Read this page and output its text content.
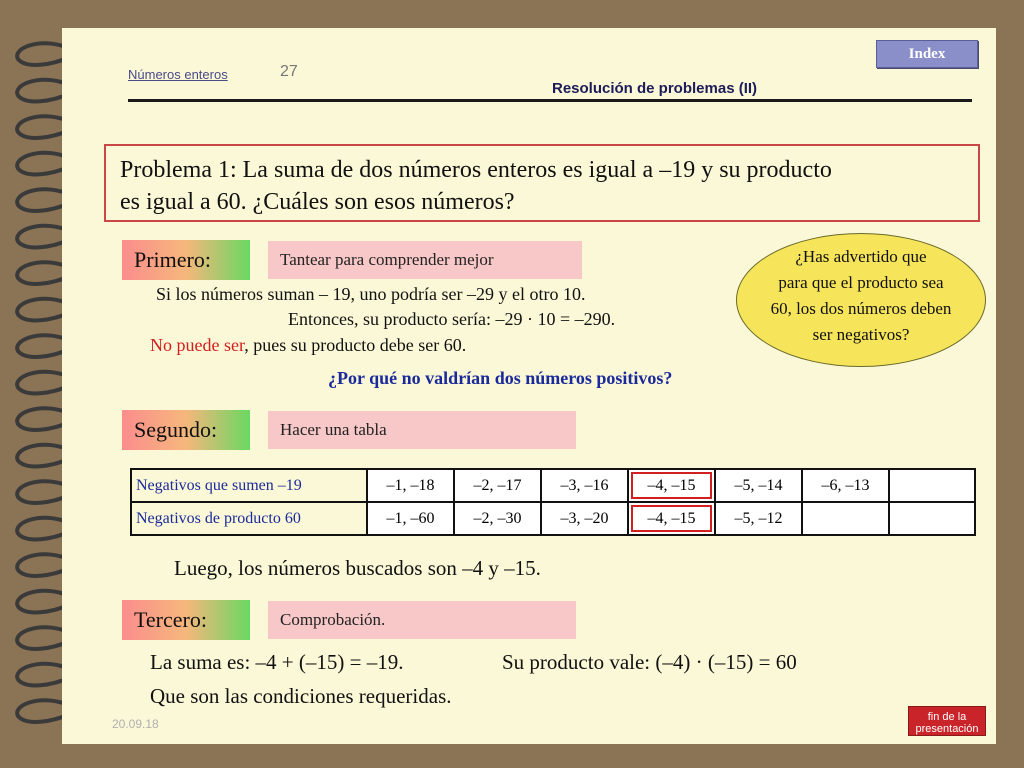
Números enteros	27
Resolución de problemas (II)
Index
Problema 1: La suma de dos números enteros es igual a –19 y su producto
es igual a 60. ¿Cuáles son esos números?
Primero:	Tantear para comprender mejor
Si los números suman – 19, uno podría ser –29 y el otro 10.
Entonces, su producto sería: –29 · 10 = –290.
No puede ser, pues su producto debe ser 60.
¿Has advertido que
para que el producto sea
60, los dos números deben
ser negativos?
¿Por qué no valdrían dos números positivos?
Segundo:	Hacer una tabla
Negativos que sumen –19	–1, –18	–2, –17	–3, –16	–4, –15	–5, –14	–6, –13	
Negativos de producto 60	–1, –60	–2, –30	–3, –20	–4, –15	–5, –12		
Luego, los números buscados son –4 y –15.
Tercero:	Comprobación.
La suma es: –4 + (–15) = –19.	Su producto vale: (–4) · (–15) = 60
Que son las condiciones requeridas.
20.09.18	fin de la
presentación
